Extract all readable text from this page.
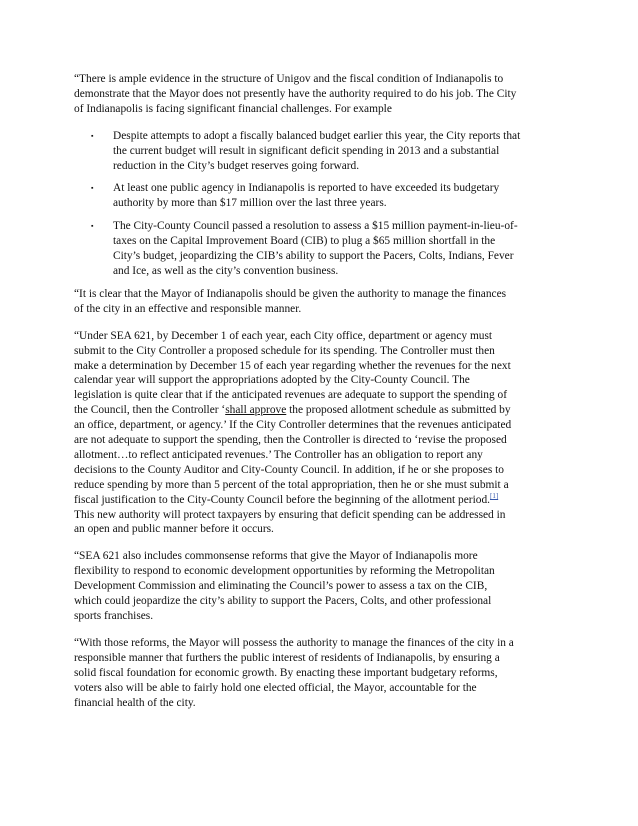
“There is ample evidence in the structure of Unigov and the fiscal condition of Indianapolis to
demonstrate that the Mayor does not presently have the authority required to do his job. The City
of Indianapolis is facing significant financial challenges. For example

▪ Despite attempts to adopt a fiscally balanced budget earlier this year, the City reports that
the current budget will result in significant deficit spending in 2013 and a substantial
reduction in the City’s budget reserves going forward.
▪ At least one public agency in Indianapolis is reported to have exceeded its budgetary
authority by more than $17 million over the last three years.
▪ The City-County Council passed a resolution to assess a $15 million payment-in-lieu-of-
taxes on the Capital Improvement Board (CIB) to plug a $65 million shortfall in the
City’s budget, jeopardizing the CIB’s ability to support the Pacers, Colts, Indians, Fever
and Ice, as well as the city’s convention business.

“It is clear that the Mayor of Indianapolis should be given the authority to manage the finances
of the city in an effective and responsible manner.

“Under SEA 621, by December 1 of each year, each City office, department or agency must
submit to the City Controller a proposed schedule for its spending. The Controller must then
make a determination by December 15 of each year regarding whether the revenues for the next
calendar year will support the appropriations adopted by the City-County Council. The
legislation is quite clear that if the anticipated revenues are adequate to support the spending of
the Council, then the Controller ‘shall approve the proposed allotment schedule as submitted by
an office, department, or agency.’ If the City Controller determines that the revenues anticipated
are not adequate to support the spending, then the Controller is directed to ‘revise the proposed
allotment…to reflect anticipated revenues.’ The Controller has an obligation to report any
decisions to the County Auditor and City-County Council. In addition, if he or she proposes to
reduce spending by more than 5 percent of the total appropriation, then he or she must submit a
fiscal justification to the City-County Council before the beginning of the allotment period.[1]
This new authority will protect taxpayers by ensuring that deficit spending can be addressed in
an open and public manner before it occurs.

“SEA 621 also includes commonsense reforms that give the Mayor of Indianapolis more
flexibility to respond to economic development opportunities by reforming the Metropolitan
Development Commission and eliminating the Council’s power to assess a tax on the CIB,
which could jeopardize the city’s ability to support the Pacers, Colts, and other professional
sports franchises.

“With those reforms, the Mayor will possess the authority to manage the finances of the city in a
responsible manner that furthers the public interest of residents of Indianapolis, by ensuring a
solid fiscal foundation for economic growth. By enacting these important budgetary reforms,
voters also will be able to fairly hold one elected official, the Mayor, accountable for the
financial health of the city.
